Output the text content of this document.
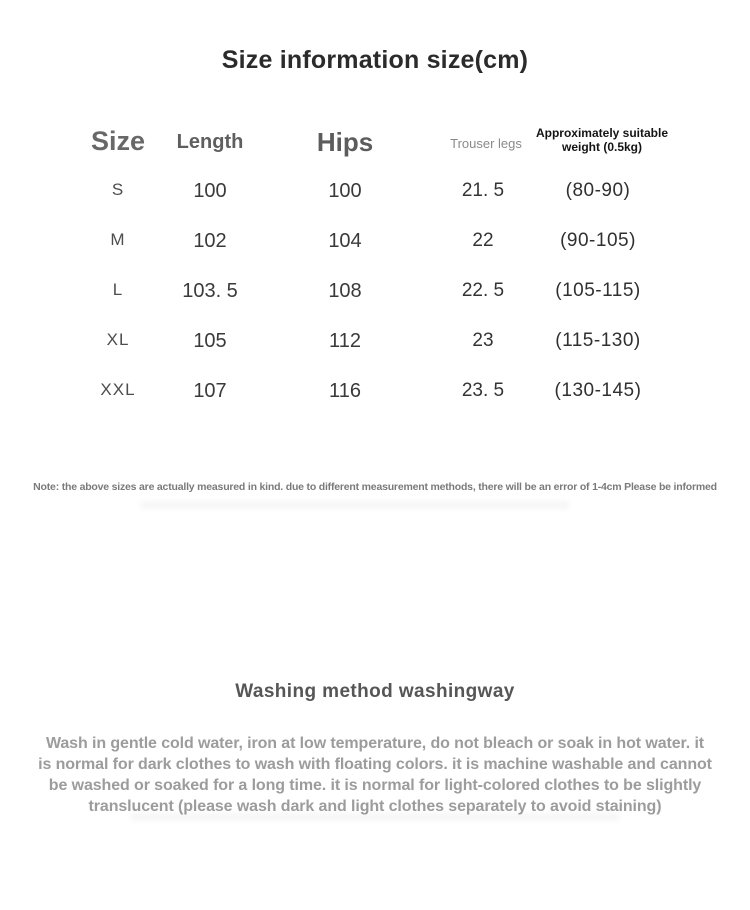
Size information size(cm)
Size Length	Hips	Trouser legs
Approximately suitable
weight (0.5kg)
S	100	100	21. 5	(80-90)
M	102	104	22	(90-105)
L	103. 5	108	22. 5	(105-115)
XL	105	112	23	(115-130)
XXL	107	116	23. 5	(130-145)
Note: the above sizes are actually measured in kind. due to different measurement methods, there will be an error of 1-4cm Please be informed
Washing method washingway
Wash in gentle cold water, iron at low temperature, do not bleach or soak in hot water. it
is normal for dark clothes to wash with floating colors. it is machine washable and cannot
be washed or soaked for a long time. it is normal for light-colored clothes to be slightly
translucent (please wash dark and light clothes separately to avoid staining)
